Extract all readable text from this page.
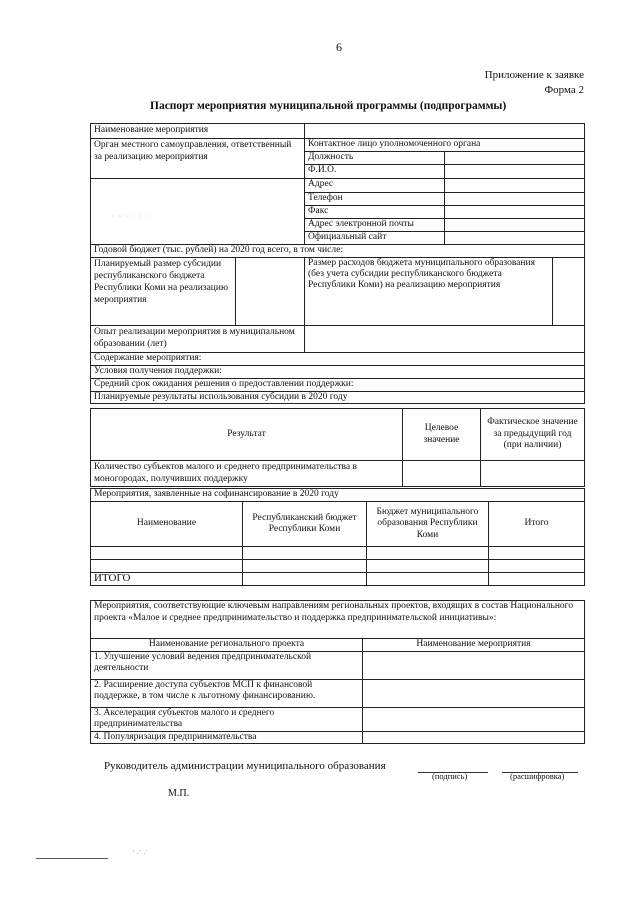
6
Приложение к заявке
Форма 2
Паспорт мероприятия муниципальной программы (подпрограммы)
· · · · · ·
Наименование мероприятия				
Орган местного самоуправления, ответственный за реализацию мероприятия		Контактное лицо уполномоченного органа		
		Должность		
		Ф.И.О.		
		Адрес		
		Телефон		
		Факс		
		Адрес электронной почты		
		Официальный сайт		
Годовой бюджет (тыс. рублей) на 2020 год всего, в том числе:				
Планируемый размер субсидии республиканского бюджета Республики Коми на реализацию мероприятия		Размер расходов бюджета муниципального образования (без учета субсидии республиканского бюджета Республики Коми) на реализацию мероприятия		
Опыт реализации мероприятия в муниципальном образовании (лет)				
Содержание мероприятия:				
Условия получения поддержки:				
Средний срок ожидания решения о предоставлении поддержки:				
Планируемые результаты использования субсидии в 2020 году				
Результат	Целевое значение	Фактическое значение за предыдущий год (при наличии)
Количество субъектов малого и среднего предпринимательства в моногородах, получивших поддержку		
Мероприятия, заявленные на софинансирование в 2020 году			
Наименование	Республиканский бюджет Республики Коми	Бюджет муниципального образования Республики Коми	Итого

ИТОГО			
Мероприятия, соответствующие ключевым направлениям региональных проектов, входящих в состав Национального проекта «Малое и среднее предпринимательство и поддержка предпринимательской инициативы»:	
Наименование регионального проекта	Наименование мероприятия
1. Улучшение условий ведения предпринимательской деятельности	
2. Расширение доступа субъектов МСП к финансовой поддержке, в том числе к льготному финансированию.	
3. Акселерация субъектов малого и среднего предпринимательства	
4. Популяризация предпринимательства	
Руководитель администрации муниципального образования
(подпись)	(расшифровка)
М.П.
· .· .·
